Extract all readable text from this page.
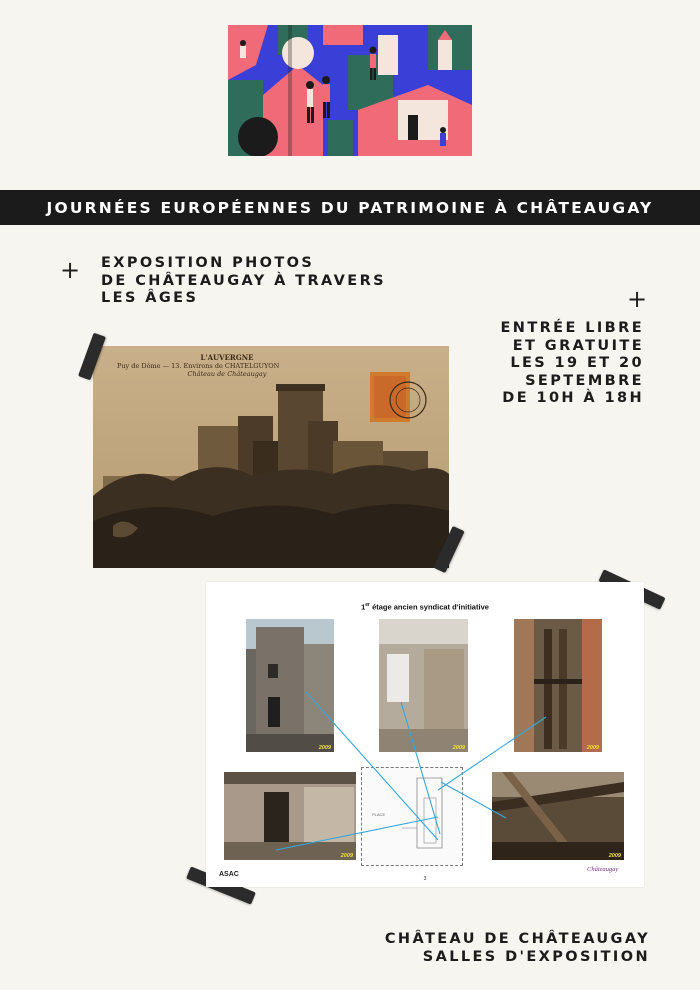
JOURNÉES EUROPÉENNES DU PATRIMOINE À CHÂTEAUGAY
+
+
EXPOSITION PHOTOS
DE CHÂTEAUGAY À TRAVERS
LES ÂGES
ENTRÉE LIBRE
ET GRATUITE
LES 19 ET 20
SEPTEMBRE
DE 10H À 18H
L'AUVERGNE
Puy de Dôme — 13. Environs de CHATELGUYON
Château de Châteaugay
1er étage ancien syndicat d'initiative
2009	2009	2009
2009
PLACE
2009
ASAC
3
Châteaugay
CHÂTEAU DE CHÂTEAUGAY
SALLES D'EXPOSITION
